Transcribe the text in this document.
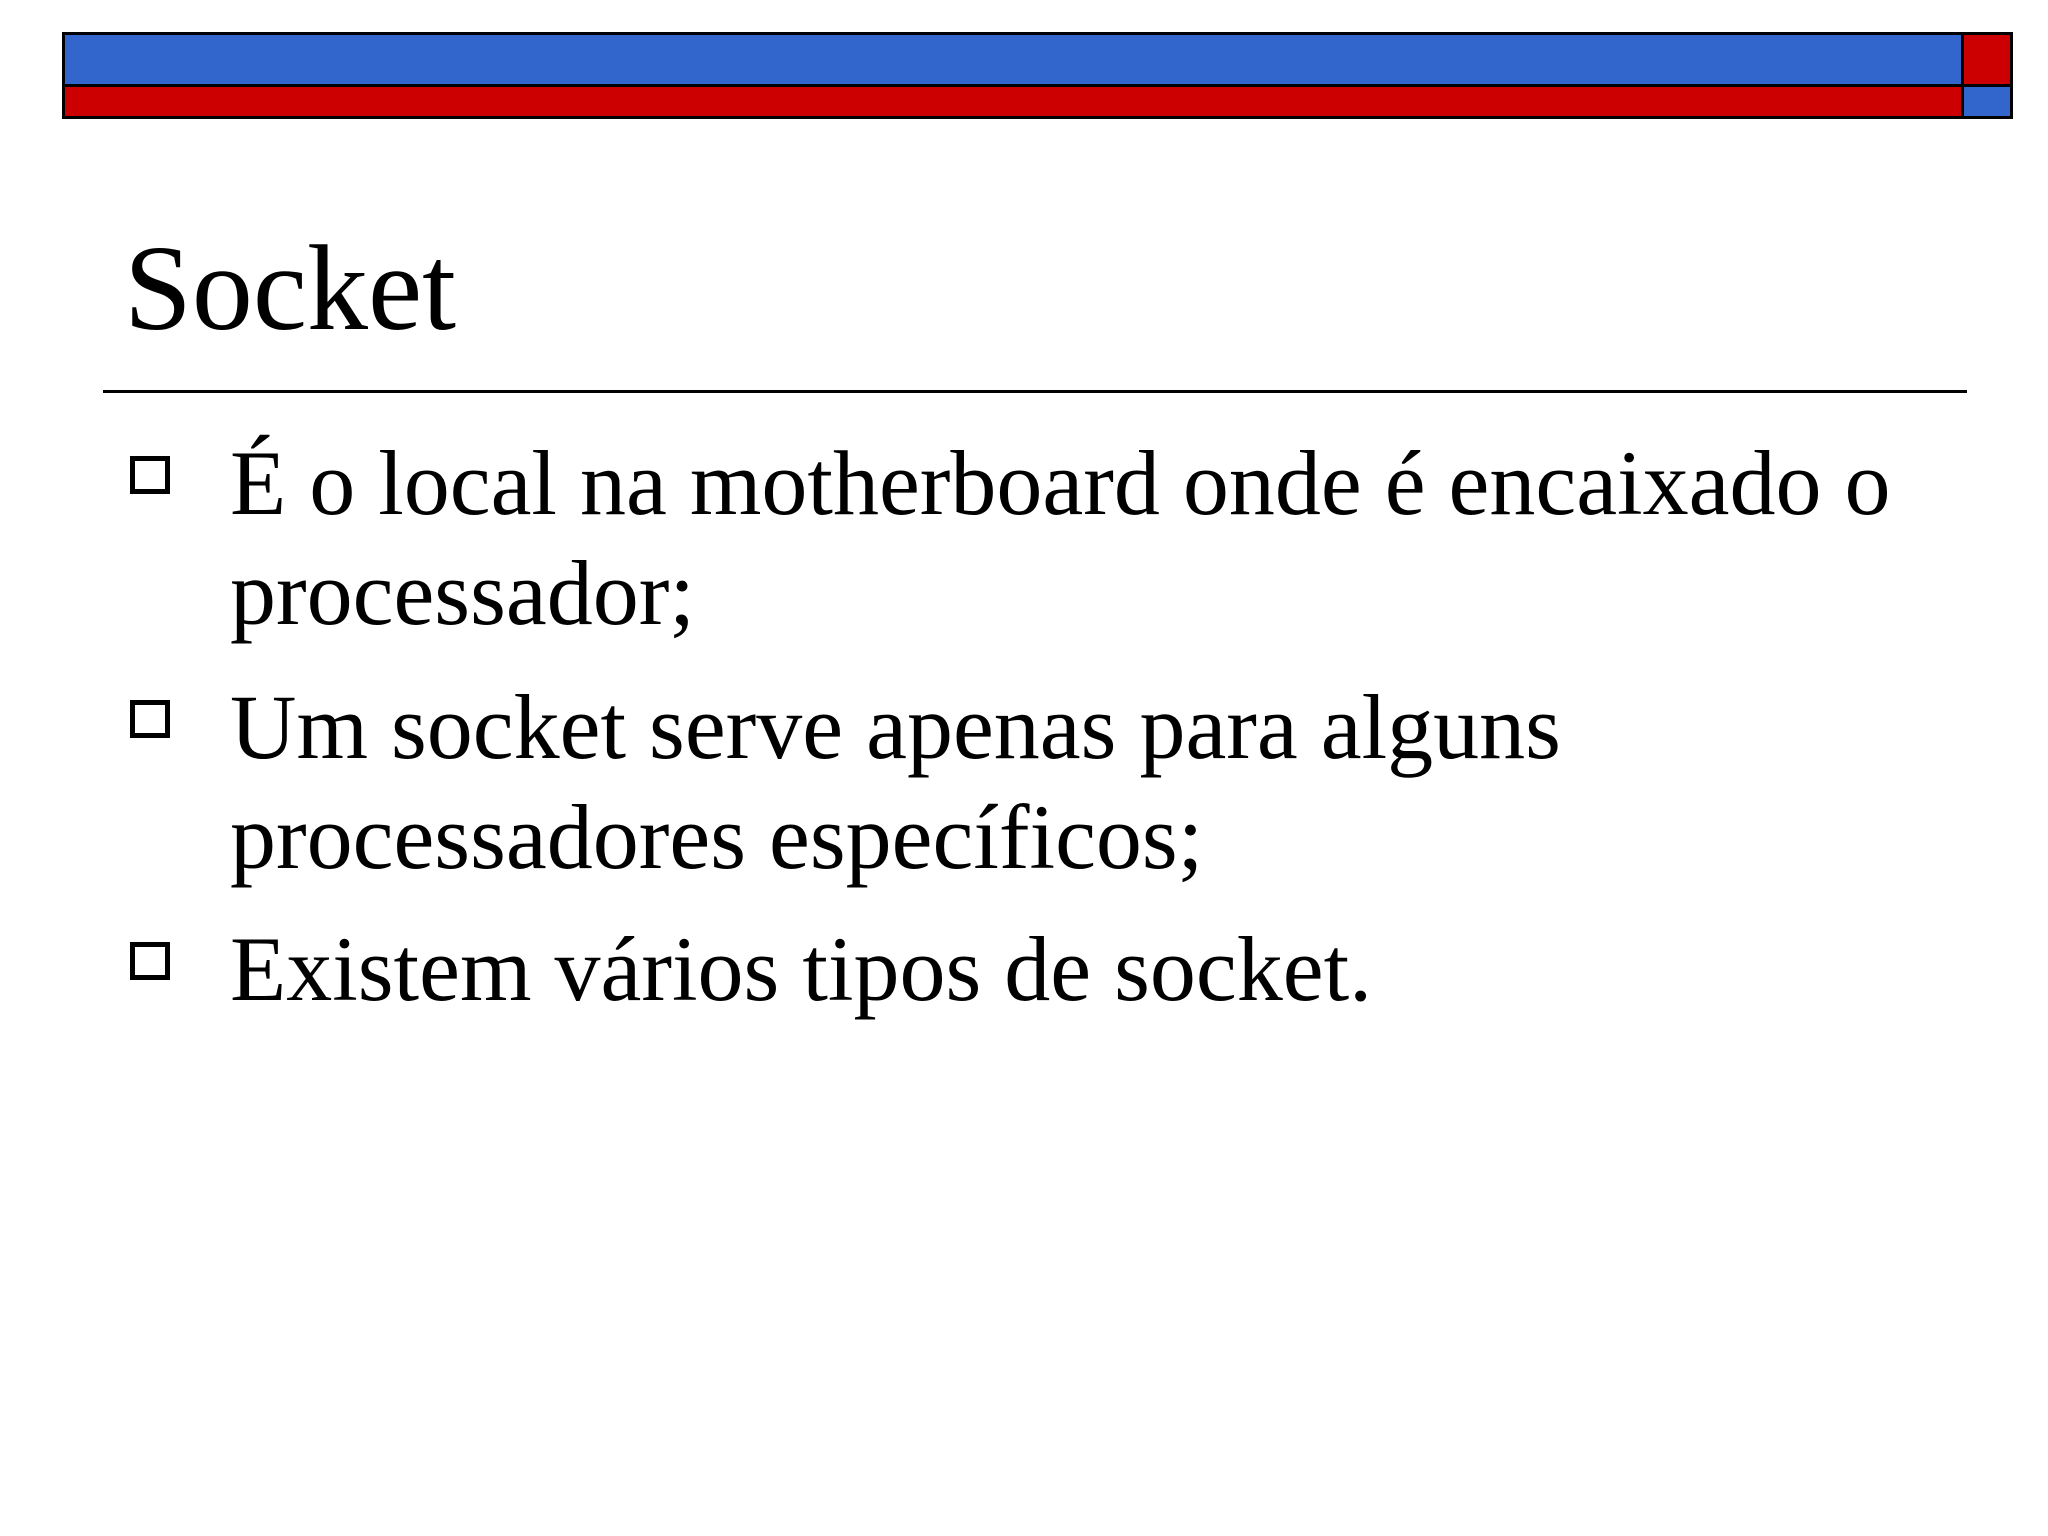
Socket

É o local na motherboard onde é encaixado o
processador;

Um socket serve apenas para alguns
processadores específicos;

Existem vários tipos de socket.
